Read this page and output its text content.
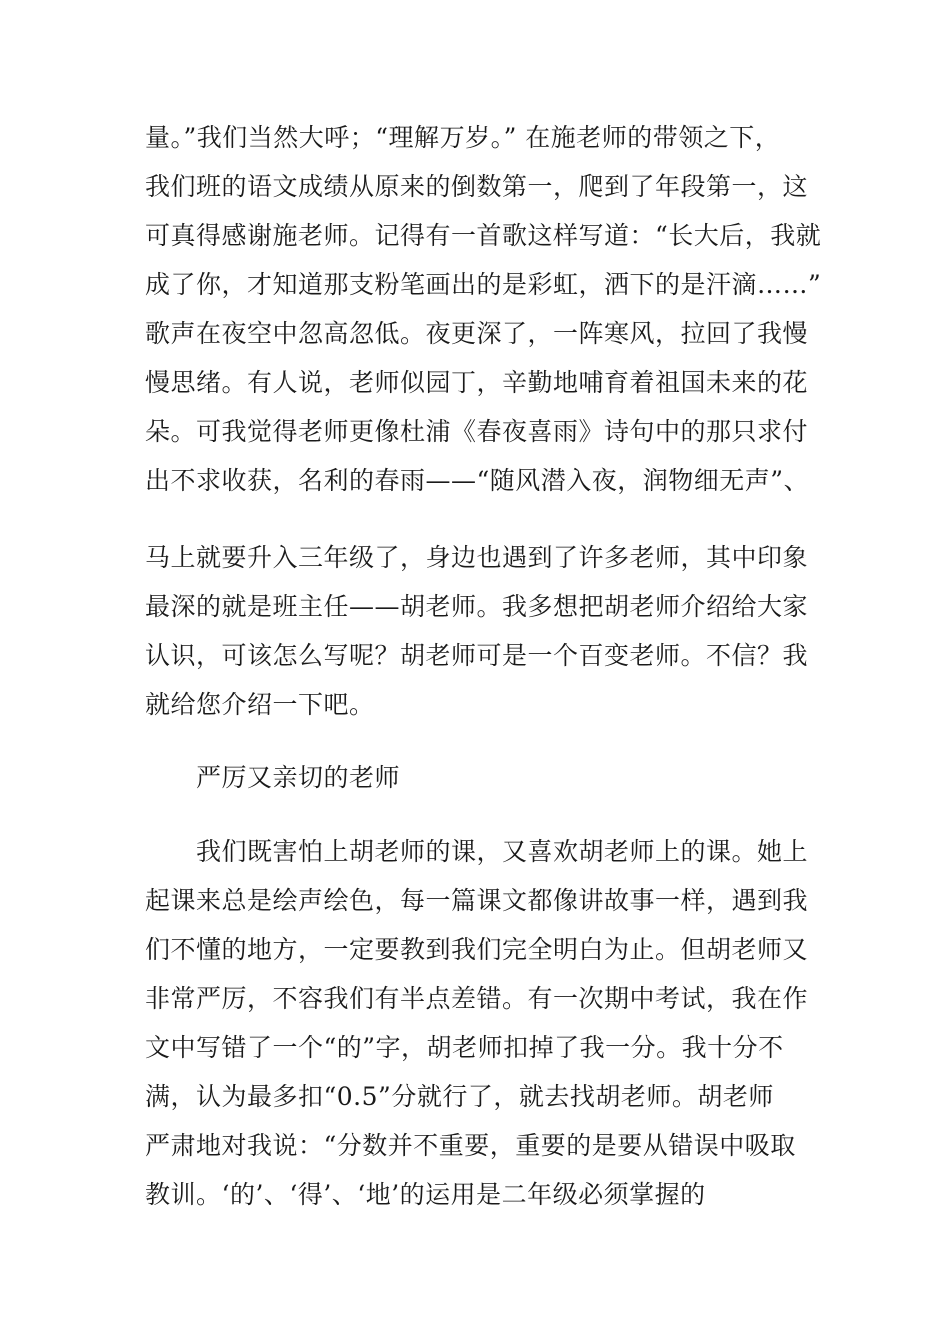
量。”我们当然大呼；“理解万岁。” 在施老师的带领之下，
我们班的语文成绩从原来的倒数第一，爬到了年段第一，这
可真得感谢施老师。记得有一首歌这样写道：“长大后，我就
成了你，才知道那支粉笔画出的是彩虹，洒下的是汗滴……”
歌声在夜空中忽高忽低。夜更深了，一阵寒风，拉回了我慢
慢思绪。有人说，老师似园丁，辛勤地哺育着祖国未来的花
朵。可我觉得老师更像杜浦《春夜喜雨》诗句中的那只求付
出不求收获，名利的春雨——“随风潜入夜，润物细无声”、
马上就要升入三年级了，身边也遇到了许多老师，其中印象
最深的就是班主任——胡老师。我多想把胡老师介绍给大家
认识，可该怎么写呢？胡老师可是一个百变老师。不信？我
就给您介绍一下吧。
严厉又亲切的老师
我们既害怕上胡老师的课，又喜欢胡老师上的课。她上
起课来总是绘声绘色，每一篇课文都像讲故事一样，遇到我
们不懂的地方，一定要教到我们完全明白为止。但胡老师又
非常严厉，不容我们有半点差错。有一次期中考试，我在作
文中写错了一个“的”字，胡老师扣掉了我一分。我十分不
满，认为最多扣“0.5”分就行了，就去找胡老师。胡老师
严肃地对我说：“分数并不重要，重要的是要从错误中吸取
教训。‘的’、‘得’、‘地’的运用是二年级必须掌握的
